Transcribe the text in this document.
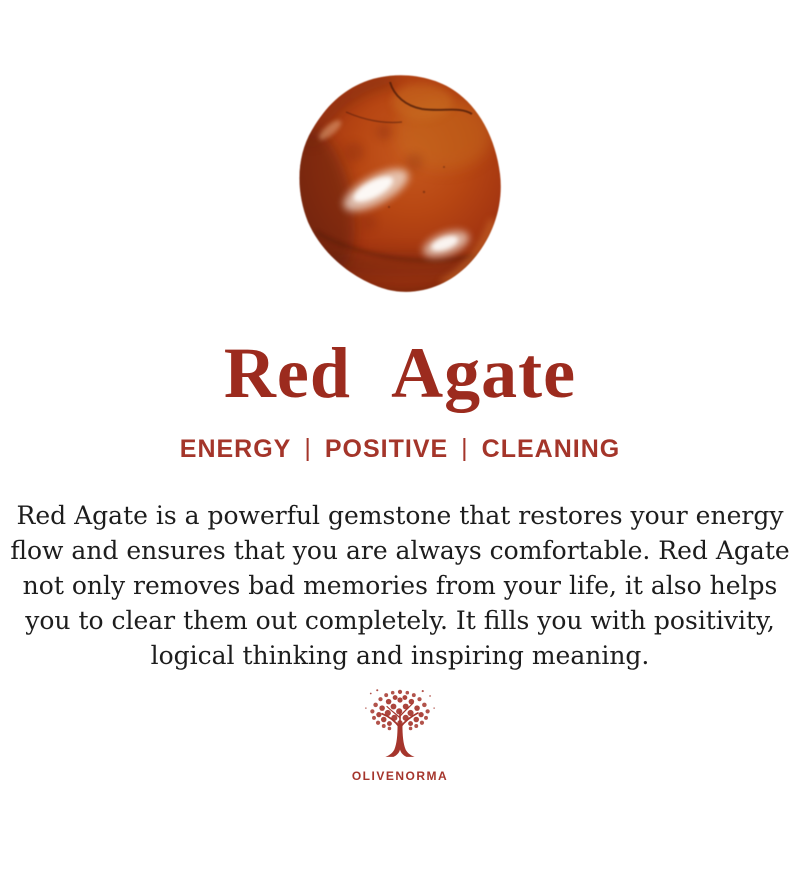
Red Agate
ENERGY | POSITIVE | CLEANING
Red Agate is a powerful gemstone that restores your energy
flow and ensures that you are always comfortable. Red Agate
not only removes bad memories from your life, it also helps
you to clear them out completely. It fills you with positivity,
logical thinking and inspiring meaning.
OLIVENORMA
